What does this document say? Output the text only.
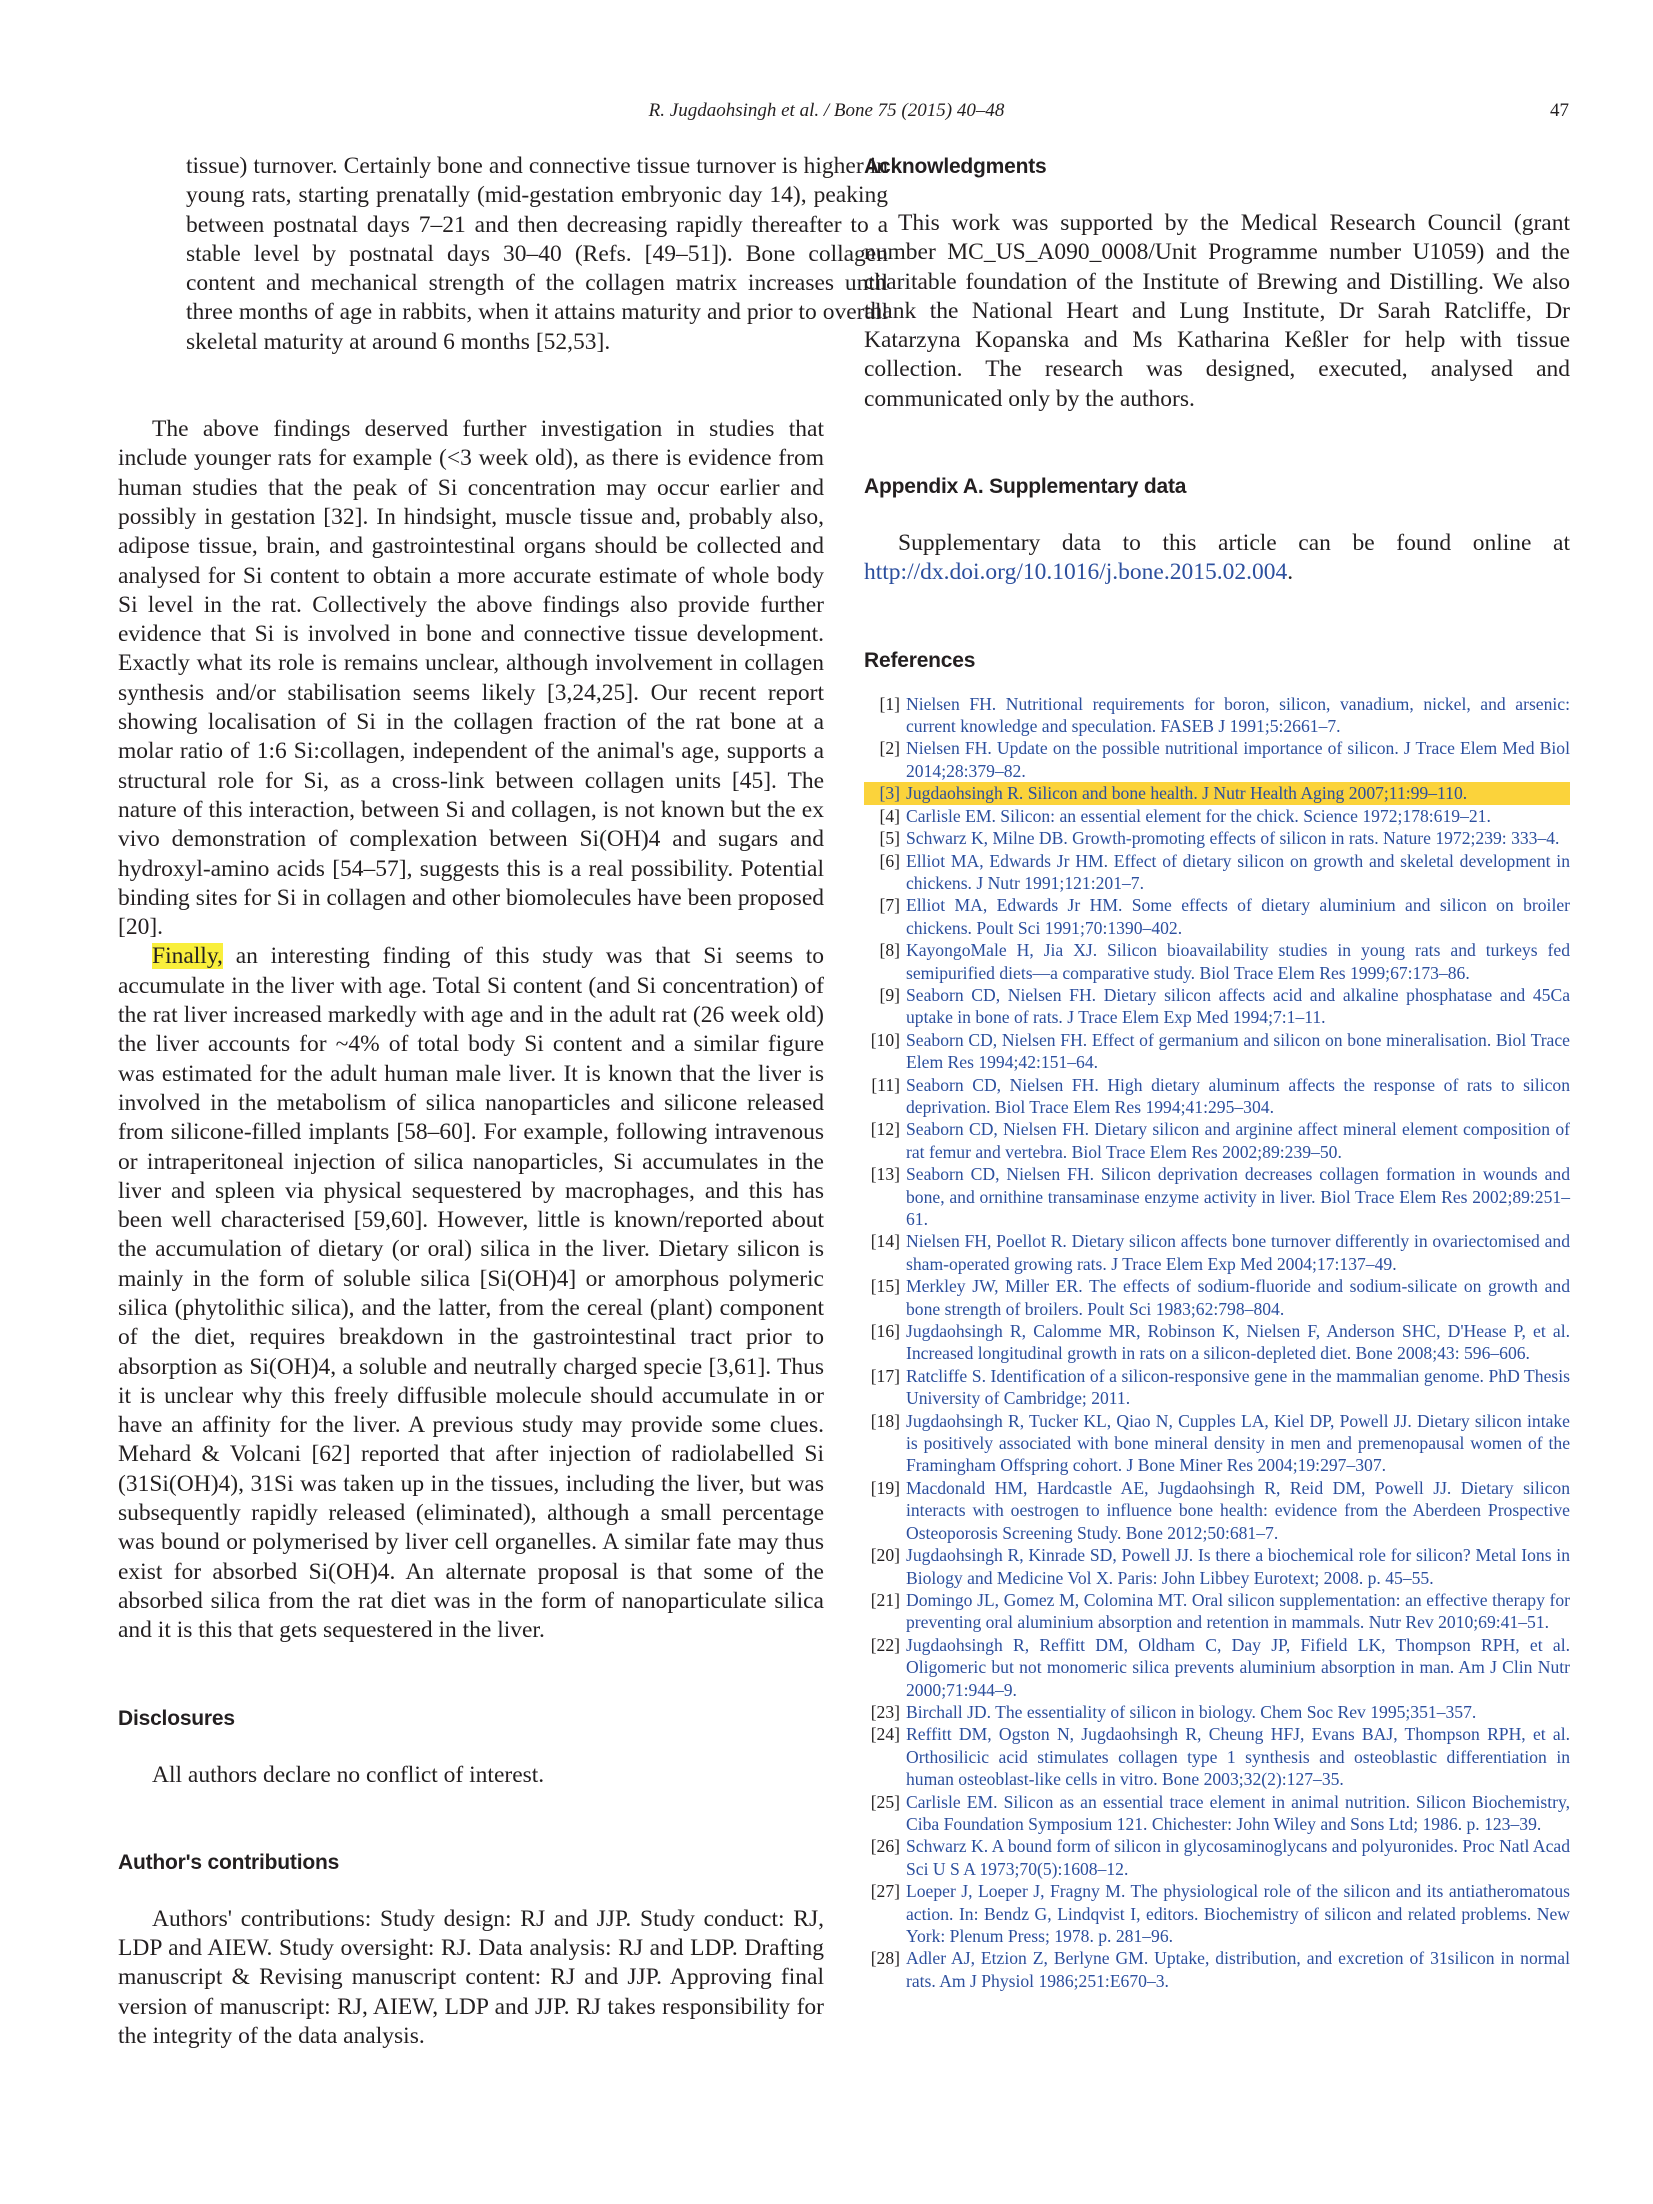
R. Jugdaohsingh et al. / Bone 75 (2015) 40–48	47

tissue) turnover. Certainly bone and connective tissue turnover is higher in young rats, starting prenatally (mid-gestation embryonic day 14), peaking between postnatal days 7–21 and then decreasing rapidly thereafter to a stable level by postnatal days 30–40 (Refs. [49–51]). Bone collagen content and mechanical strength of the collagen matrix increases until three months of age in rabbits, when it attains maturity and prior to overall skeletal maturity at around 6 months [52,53].

The above findings deserved further investigation in studies that include younger rats for example (<3 week old), as there is evidence from human studies that the peak of Si concentration may occur earlier and possibly in gestation [32]. In hindsight, muscle tissue and, probably also, adipose tissue, brain, and gastrointestinal organs should be collected and analysed for Si content to obtain a more accurate estimate of whole body Si level in the rat. Collectively the above findings also provide further evidence that Si is involved in bone and connective tissue development. Exactly what its role is remains unclear, although involvement in collagen synthesis and/or stabilisation seems likely [3,24,25]. Our recent report showing localisation of Si in the collagen fraction of the rat bone at a molar ratio of 1:6 Si:collagen, independent of the animal's age, supports a structural role for Si, as a cross-link between collagen units [45]. The nature of this interaction, between Si and collagen, is not known but the ex vivo demonstration of complexation between Si(OH)4 and sugars and hydroxyl-amino acids [54–57], suggests this is a real possibility. Potential binding sites for Si in collagen and other biomolecules have been proposed [20].

Finally, an interesting finding of this study was that Si seems to accumulate in the liver with age. Total Si content (and Si concentration) of the rat liver increased markedly with age and in the adult rat (26 week old) the liver accounts for ~4% of total body Si content and a similar figure was estimated for the adult human male liver. It is known that the liver is involved in the metabolism of silica nanoparticles and silicone released from silicone-filled implants [58–60]. For example, following intravenous or intraperitoneal injection of silica nanoparticles, Si accumulates in the liver and spleen via physical sequestered by macrophages, and this has been well characterised [59,60]. However, little is known/reported about the accumulation of dietary (or oral) silica in the liver. Dietary silicon is mainly in the form of soluble silica [Si(OH)4] or amorphous polymeric silica (phytolithic silica), and the latter, from the cereal (plant) component of the diet, requires breakdown in the gastrointestinal tract prior to absorption as Si(OH)4, a soluble and neutrally charged specie [3,61]. Thus it is unclear why this freely diffusible molecule should accumulate in or have an affinity for the liver. A previous study may provide some clues. Mehard & Volcani [62] reported that after injection of radiolabelled Si (31Si(OH)4), 31Si was taken up in the tissues, including the liver, but was subsequently rapidly released (eliminated), although a small percentage was bound or polymerised by liver cell organelles. A similar fate may thus exist for absorbed Si(OH)4. An alternate proposal is that some of the absorbed silica from the rat diet was in the form of nanoparticulate silica and it is this that gets sequestered in the liver.

Disclosures

All authors declare no conflict of interest.

Author's contributions

Authors' contributions: Study design: RJ and JJP. Study conduct: RJ, LDP and AIEW. Study oversight: RJ. Data analysis: RJ and LDP. Drafting manuscript & Revising manuscript content: RJ and JJP. Approving final version of manuscript: RJ, AIEW, LDP and JJP. RJ takes responsibility for the integrity of the data analysis.

Acknowledgments

This work was supported by the Medical Research Council (grant number MC_US_A090_0008/Unit Programme number U1059) and the charitable foundation of the Institute of Brewing and Distilling. We also thank the National Heart and Lung Institute, Dr Sarah Ratcliffe, Dr Katarzyna Kopanska and Ms Katharina Keßler for help with tissue collection. The research was designed, executed, analysed and communicated only by the authors.

Appendix A. Supplementary data

Supplementary data to this article can be found online at http://dx.doi.org/10.1016/j.bone.2015.02.004.

References
[1] Nielsen FH. Nutritional requirements for boron, silicon, vanadium, nickel, and arsenic: current knowledge and speculation. FASEB J 1991;5:2661–7.
[2] Nielsen FH. Update on the possible nutritional importance of silicon. J Trace Elem Med Biol 2014;28:379–82.
[3] Jugdaohsingh R. Silicon and bone health. J Nutr Health Aging 2007;11:99–110.
[4] Carlisle EM. Silicon: an essential element for the chick. Science 1972;178:619–21.
[5] Schwarz K, Milne DB. Growth-promoting effects of silicon in rats. Nature 1972;239: 333–4.
[6] Elliot MA, Edwards Jr HM. Effect of dietary silicon on growth and skeletal development in chickens. J Nutr 1991;121:201–7.
[7] Elliot MA, Edwards Jr HM. Some effects of dietary aluminium and silicon on broiler chickens. Poult Sci 1991;70:1390–402.
[8] KayongoMale H, Jia XJ. Silicon bioavailability studies in young rats and turkeys fed semipurified diets—a comparative study. Biol Trace Elem Res 1999;67:173–86.
[9] Seaborn CD, Nielsen FH. Dietary silicon affects acid and alkaline phosphatase and 45Ca uptake in bone of rats. J Trace Elem Exp Med 1994;7:1–11.
[10] Seaborn CD, Nielsen FH. Effect of germanium and silicon on bone mineralisation. Biol Trace Elem Res 1994;42:151–64.
[11] Seaborn CD, Nielsen FH. High dietary aluminum affects the response of rats to silicon deprivation. Biol Trace Elem Res 1994;41:295–304.
[12] Seaborn CD, Nielsen FH. Dietary silicon and arginine affect mineral element composition of rat femur and vertebra. Biol Trace Elem Res 2002;89:239–50.
[13] Seaborn CD, Nielsen FH. Silicon deprivation decreases collagen formation in wounds and bone, and ornithine transaminase enzyme activity in liver. Biol Trace Elem Res 2002;89:251–61.
[14] Nielsen FH, Poellot R. Dietary silicon affects bone turnover differently in ovariectomised and sham-operated growing rats. J Trace Elem Exp Med 2004;17:137–49.
[15] Merkley JW, Miller ER. The effects of sodium-fluoride and sodium-silicate on growth and bone strength of broilers. Poult Sci 1983;62:798–804.
[16] Jugdaohsingh R, Calomme MR, Robinson K, Nielsen F, Anderson SHC, D'Hease P, et al. Increased longitudinal growth in rats on a silicon-depleted diet. Bone 2008;43: 596–606.
[17] Ratcliffe S. Identification of a silicon-responsive gene in the mammalian genome. PhD Thesis University of Cambridge; 2011.
[18] Jugdaohsingh R, Tucker KL, Qiao N, Cupples LA, Kiel DP, Powell JJ. Dietary silicon intake is positively associated with bone mineral density in men and premenopausal women of the Framingham Offspring cohort. J Bone Miner Res 2004;19:297–307.
[19] Macdonald HM, Hardcastle AE, Jugdaohsingh R, Reid DM, Powell JJ. Dietary silicon interacts with oestrogen to influence bone health: evidence from the Aberdeen Prospective Osteoporosis Screening Study. Bone 2012;50:681–7.
[20] Jugdaohsingh R, Kinrade SD, Powell JJ. Is there a biochemical role for silicon? Metal Ions in Biology and Medicine Vol X. Paris: John Libbey Eurotext; 2008. p. 45–55.
[21] Domingo JL, Gomez M, Colomina MT. Oral silicon supplementation: an effective therapy for preventing oral aluminium absorption and retention in mammals. Nutr Rev 2010;69:41–51.
[22] Jugdaohsingh R, Reffitt DM, Oldham C, Day JP, Fifield LK, Thompson RPH, et al. Oligomeric but not monomeric silica prevents aluminium absorption in man. Am J Clin Nutr 2000;71:944–9.
[23] Birchall JD. The essentiality of silicon in biology. Chem Soc Rev 1995;351–357.
[24] Reffitt DM, Ogston N, Jugdaohsingh R, Cheung HFJ, Evans BAJ, Thompson RPH, et al. Orthosilicic acid stimulates collagen type 1 synthesis and osteoblastic differentiation in human osteoblast-like cells in vitro. Bone 2003;32(2):127–35.
[25] Carlisle EM. Silicon as an essential trace element in animal nutrition. Silicon Biochemistry, Ciba Foundation Symposium 121. Chichester: John Wiley and Sons Ltd; 1986. p. 123–39.
[26] Schwarz K. A bound form of silicon in glycosaminoglycans and polyuronides. Proc Natl Acad Sci U S A 1973;70(5):1608–12.
[27] Loeper J, Loeper J, Fragny M. The physiological role of the silicon and its antiatheromatous action. In: Bendz G, Lindqvist I, editors. Biochemistry of silicon and related problems. New York: Plenum Press; 1978. p. 281–96.
[28] Adler AJ, Etzion Z, Berlyne GM. Uptake, distribution, and excretion of 31silicon in normal rats. Am J Physiol 1986;251:E670–3.
